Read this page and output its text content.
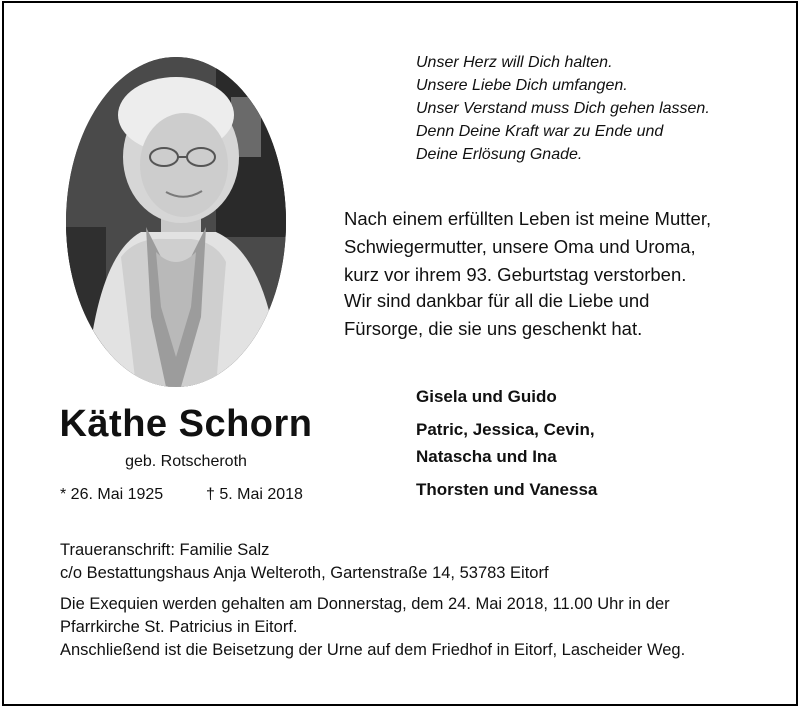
Unser Herz will Dich halten.
Unsere Liebe Dich umfangen.
Unser Verstand muss Dich gehen lassen.
Denn Deine Kraft war zu Ende und
Deine Erlösung Gnade.
Nach einem erfüllten Leben ist meine Mutter,
Schwiegermutter, unsere Oma und Uroma,
kurz vor ihrem 93. Geburtstag verstorben.
Wir sind dankbar für all die Liebe und
Fürsorge, die sie uns geschenkt hat.
Gisela und Guido
Patric, Jessica, Cevin,
Natascha und Ina
Thorsten und Vanessa
Käthe Schorn
geb. Rotscheroth
* 26. Mai 1925	† 5. Mai 2018
Traueranschrift: Familie Salz
c/o Bestattungshaus Anja Welteroth, Gartenstraße 14, 53783 Eitorf
Die Exequien werden gehalten am Donnerstag, dem 24. Mai 2018, 11.00 Uhr in der
Pfarrkirche St. Patricius in Eitorf.
Anschließend ist die Beisetzung der Urne auf dem Friedhof in Eitorf, Lascheider Weg.
